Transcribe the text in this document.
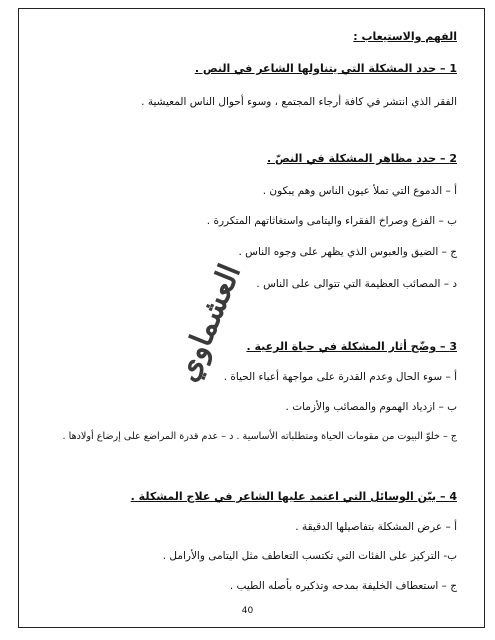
الفهم والاستيعاب :
1 – حدد المشكلة التي يتناولها الشاعر في النص .
الفقر الذي انتشر في كافة أرجاء المجتمع ، وسوء أحوال الناس المعيشية .
2 – حدد مظاهر المشكلة في النصّ .
أ – الدموع التي تملأ عيون الناس وهم يبكون .
ب – الفزع وصراخ الفقراء واليتامى واستغاثاتهم المتكررة .
ج – الضيق والعبوس الذي يظهر على وجوه الناس .
د – المصائب العظيمة التي تتوالى على الناس .
3 – وضّح أثار المشكلة في حياة الرعية .
أ – سوء الحال وعدم القدرة على مواجهة أعباء الحياة .
ب – ازدياد الهموم والمصائب والأزمات .
ج – خلوّ البيوت من مقومات الحياة ومتطلباته الأساسية . د – عدم قدرة المراضع على إرضاع أولادها .
4 – بيّن الوسائل التي اعتمد عليها الشاعر في علاج المشكلة .
أ – عرض المشكلة بتفاصيلها الدقيقة .
ب- التركيز على الفئات التي تكتسب التعاطف مثل اليتامى والأرامل .
ج – استعطاف الخليفة بمدحه وتذكيره بأصله الطيب .
العشماوي
40
